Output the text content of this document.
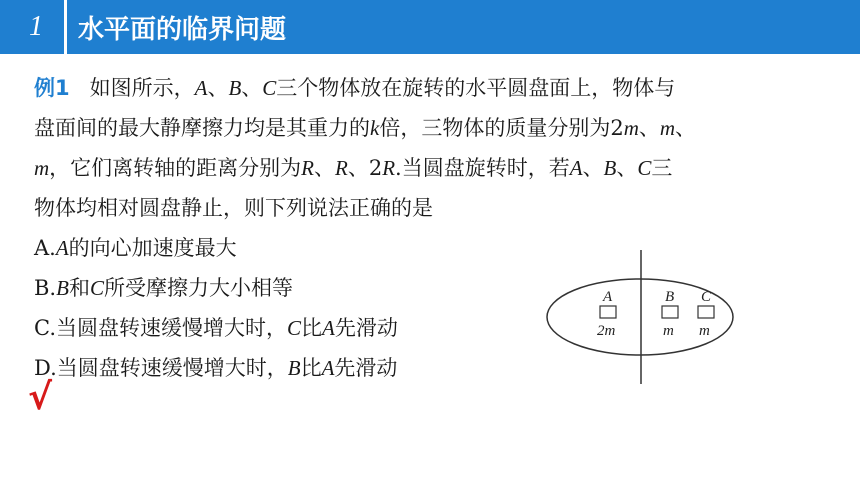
1	水平面的临界问题
例1 如图所示，A、B、C三个物体放在旋转的水平圆盘面上，物体与
盘面间的最大静摩擦力均是其重力的k倍，三物体的质量分别为2m、m、
m，它们离转轴的距离分别为R、R、2R.当圆盘旋转时，若A、B、C三
物体均相对圆盘静止，则下列说法正确的是
A.A的向心加速度最大
B.B和C所受摩擦力大小相等
C.当圆盘转速缓慢增大时，C比A先滑动
D.当圆盘转速缓慢增大时，B比A先滑动
√
A	B C
2m	m m
